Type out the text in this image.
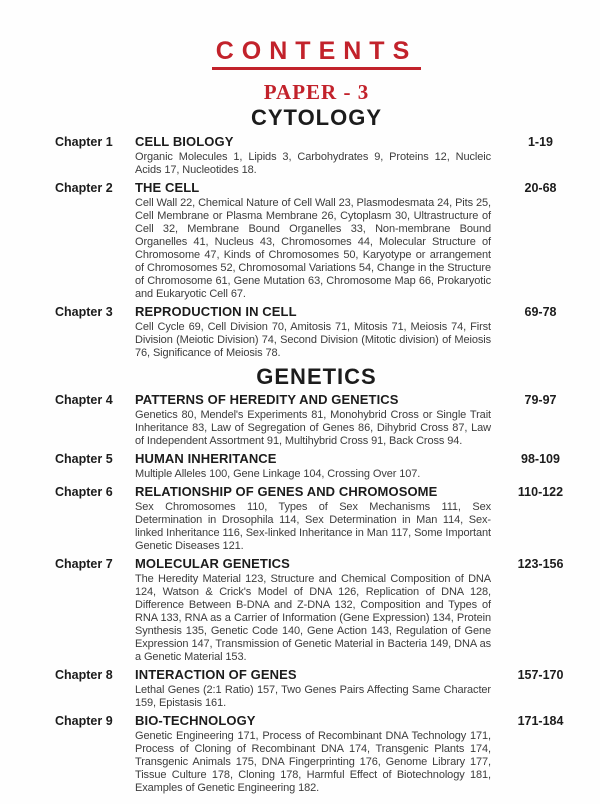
CONTENTS
PAPER - 3
CYTOLOGY
Chapter 1	CELL BIOLOGY	1-19
Organic Molecules 1, Lipids 3, Carbohydrates 9, Proteins 12, Nucleic Acids 17, Nucleotides 18.
Chapter 2	THE CELL	20-68
Cell Wall 22, Chemical Nature of Cell Wall 23, Plasmodesmata 24, Pits 25, Cell Membrane or Plasma Membrane 26, Cytoplasm 30, Ultrastructure of Cell 32, Membrane Bound Organelles 33, Non-membrane Bound Organelles 41, Nucleus 43, Chromosomes 44, Molecular Structure of Chromosome 47, Kinds of Chromosomes 50, Karyotype or arrangement of Chromosomes 52, Chromosomal Variations 54, Change in the Structure of Chromosome 61, Gene Mutation 63, Chromosome Map 66, Prokaryotic and Eukaryotic Cell 67.
Chapter 3	REPRODUCTION IN CELL	69-78
Cell Cycle 69, Cell Division 70, Amitosis 71, Mitosis 71, Meiosis 74, First Division (Meiotic Division) 74, Second Division (Mitotic division) of Meiosis 76, Significance of Meiosis 78.
GENETICS
Chapter 4	PATTERNS OF HEREDITY AND GENETICS	79-97
Genetics 80, Mendel's Experiments 81, Monohybrid Cross or Single Trait Inheritance 83, Law of Segregation of Genes 86, Dihybrid Cross 87, Law of Independent Assortment 91, Multihybrid Cross 91, Back Cross 94.
Chapter 5	HUMAN INHERITANCE	98-109
Multiple Alleles 100, Gene Linkage 104, Crossing Over 107.
Chapter 6	RELATIONSHIP OF GENES AND CHROMOSOME	110-122
Sex Chromosomes 110, Types of Sex Mechanisms 111, Sex Determination in Drosophila 114, Sex Determination in Man 114, Sex-linked Inheritance 116, Sex-linked Inheritance in Man 117, Some Important Genetic Diseases 121.
Chapter 7	MOLECULAR GENETICS	123-156
The Heredity Material 123, Structure and Chemical Composition of DNA 124, Watson & Crick's Model of DNA 126, Replication of DNA 128, Difference Between B-DNA and Z-DNA 132, Composition and Types of RNA 133, RNA as a Carrier of Information (Gene Expression) 134, Protein Synthesis 135, Genetic Code 140, Gene Action 143, Regulation of Gene Expression 147, Transmission of Genetic Material in Bacteria 149, DNA as a Genetic Material 153.
Chapter 8	INTERACTION OF GENES	157-170
Lethal Genes (2:1 Ratio) 157, Two Genes Pairs Affecting Same Character 159, Epistasis 161.
Chapter 9	BIO-TECHNOLOGY	171-184
Genetic Engineering 171, Process of Recombinant DNA Technology 171, Process of Cloning of Recombinant DNA 174, Transgenic Plants 174, Transgenic Animals 175, DNA Fingerprinting 176, Genome Library 177, Tissue Culture 178, Cloning 178, Harmful Effect of Biotechnology 181, Examples of Genetic Engineering 182.
